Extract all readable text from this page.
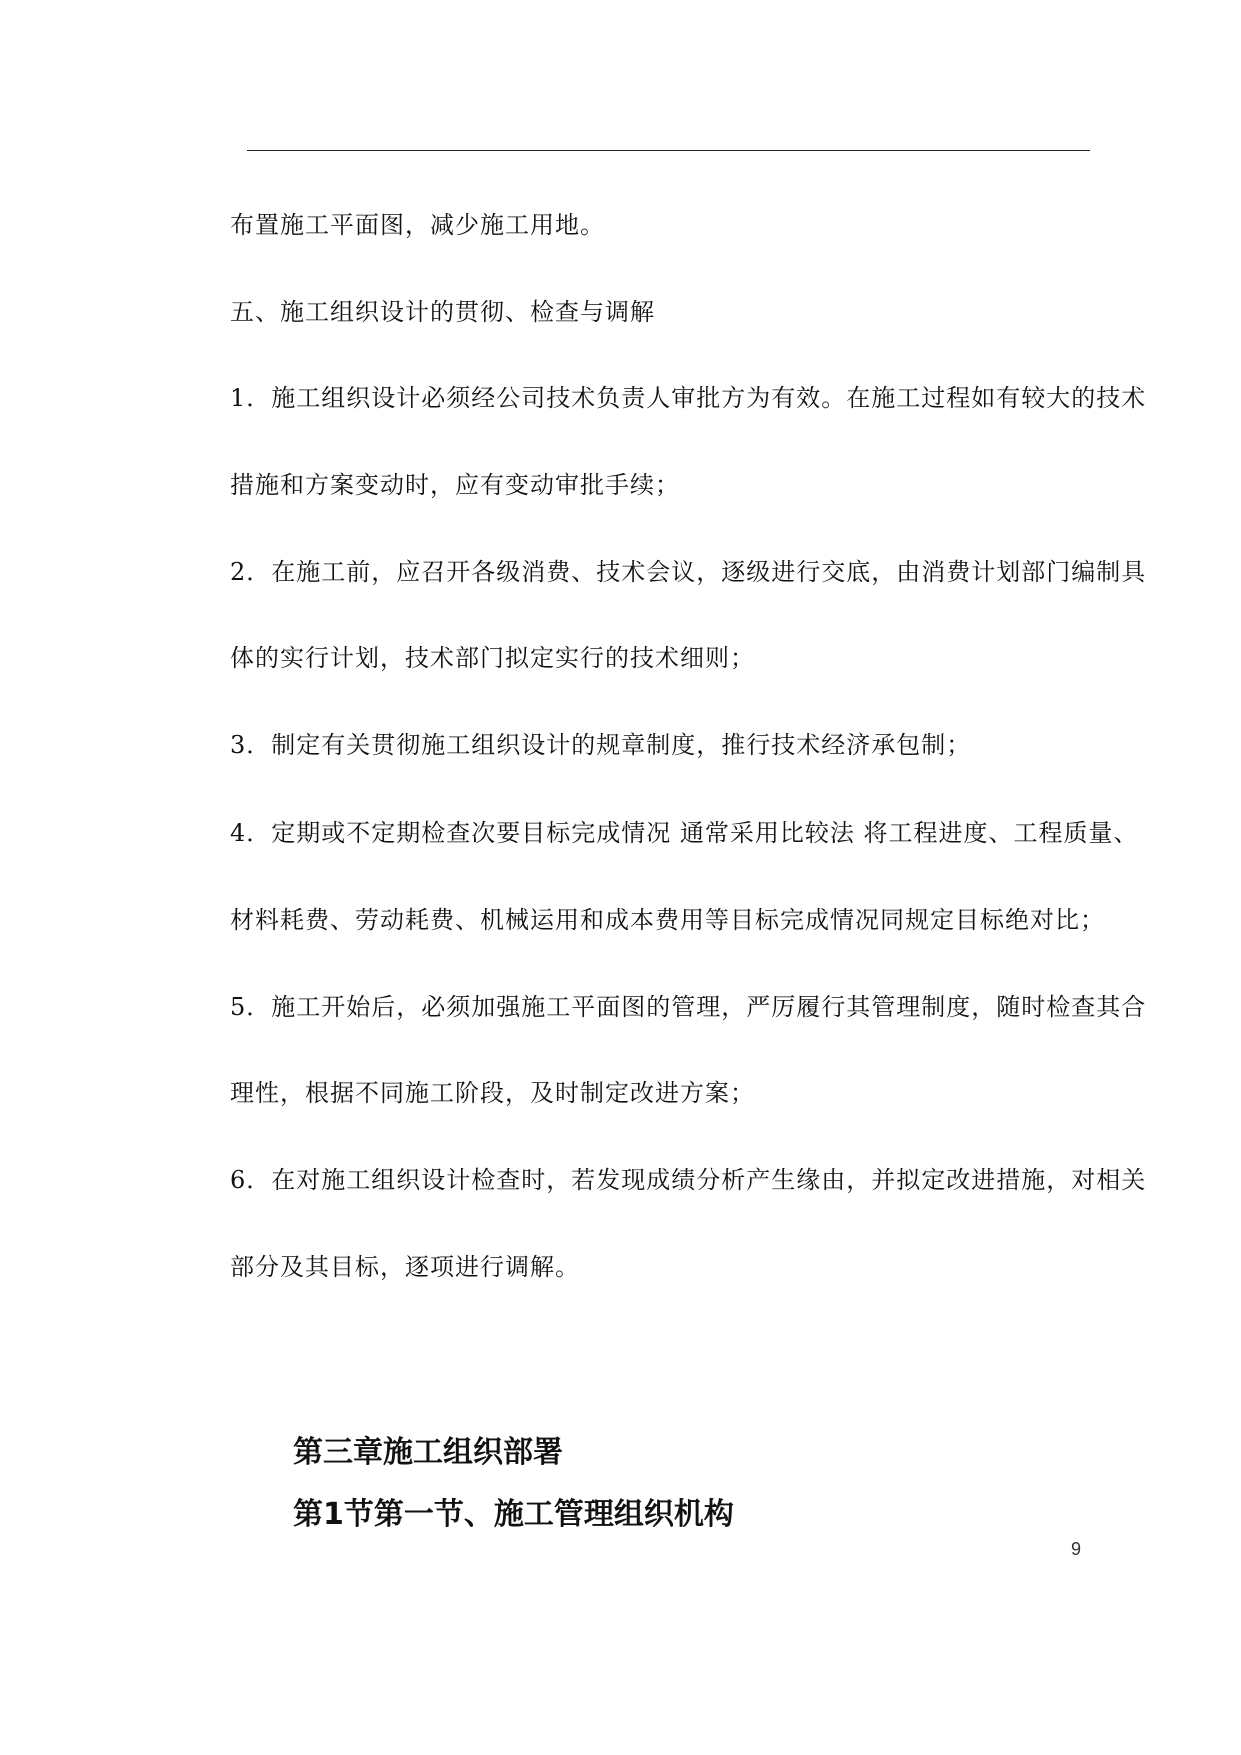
布置施工平面图，减少施工用地。
五、施工组织设计的贯彻、检查与调解
1．施工组织设计必须经公司技术负责人审批方为有效。在施工过程如有较大的技术
措施和方案变动时，应有变动审批手续；
2．在施工前，应召开各级消费、技术会议，逐级进行交底，由消费计划部门编制具
体的实行计划，技术部门拟定实行的技术细则；
3．制定有关贯彻施工组织设计的规章制度，推行技术经济承包制；
4．定期或不定期检查次要目标完成情况 通常采用比较法 将工程进度、工程质量、
材料耗费、劳动耗费、机械运用和成本费用等目标完成情况同规定目标绝对比；
5．施工开始后，必须加强施工平面图的管理，严厉履行其管理制度，随时检查其合
理性，根据不同施工阶段，及时制定改进方案；
6．在对施工组织设计检查时，若发现成绩分析产生缘由，并拟定改进措施，对相关
部分及其目标，逐项进行调解。
第三章施工组织部署
第1节第一节、施工管理组织机构
9
